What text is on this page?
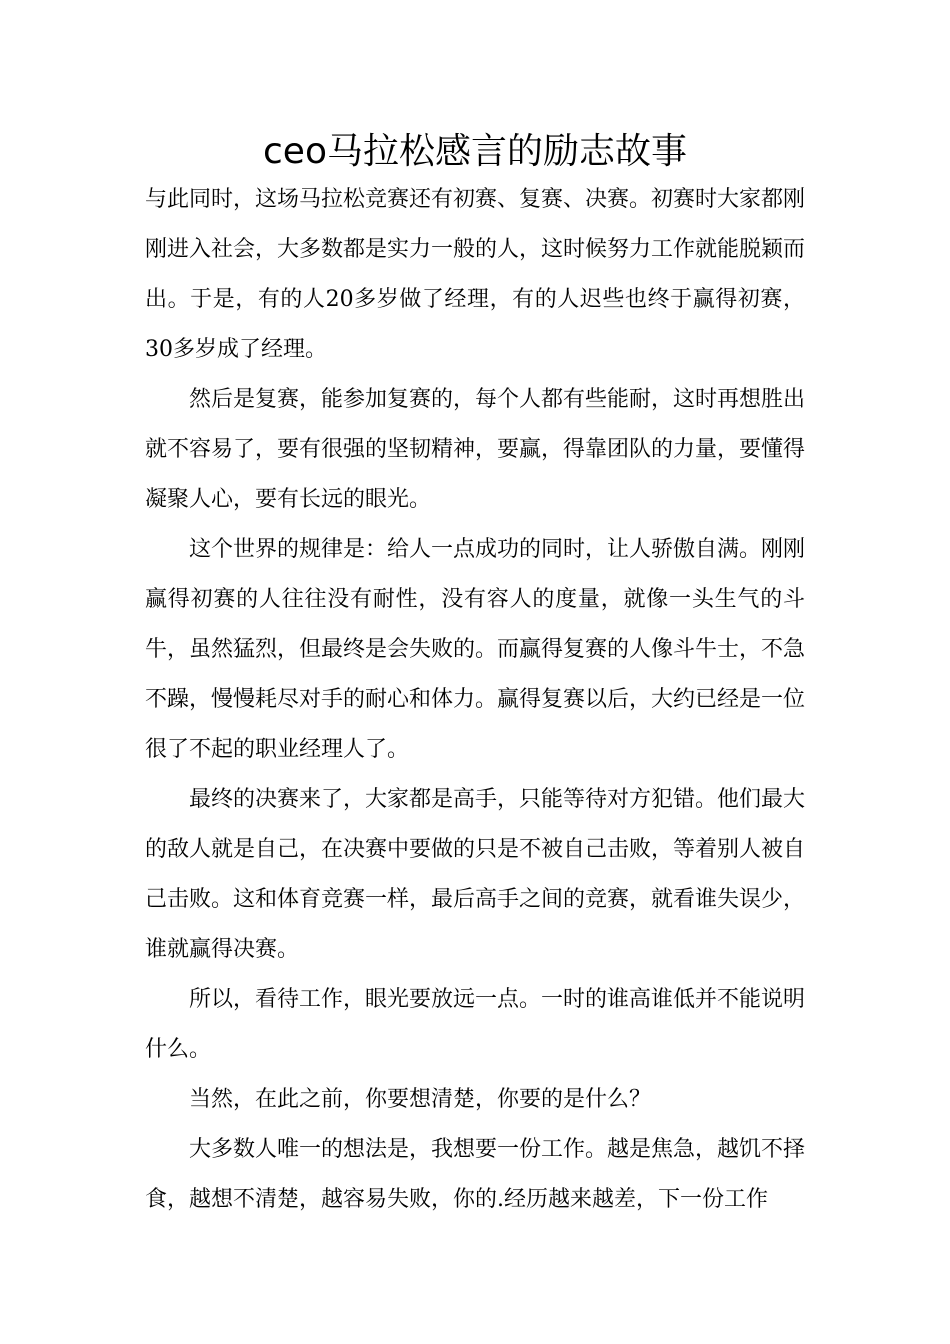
ceo马拉松感言的励志故事

与此同时，这场马拉松竞赛还有初赛、复赛、决赛。初赛时大家都刚刚进入社会，大多数都是实力一般的人，这时候努力工作就能脱颖而出。于是，有的人20多岁做了经理，有的人迟些也终于赢得初赛，30多岁成了经理。

然后是复赛，能参加复赛的，每个人都有些能耐，这时再想胜出就不容易了，要有很强的坚韧精神，要赢，得靠团队的力量，要懂得凝聚人心，要有长远的眼光。

这个世界的规律是：给人一点成功的同时，让人骄傲自满。刚刚赢得初赛的人往往没有耐性，没有容人的度量，就像一头生气的斗牛，虽然猛烈，但最终是会失败的。而赢得复赛的人像斗牛士，不急不躁，慢慢耗尽对手的耐心和体力。赢得复赛以后，大约已经是一位很了不起的职业经理人了。

最终的决赛来了，大家都是高手，只能等待对方犯错。他们最大的敌人就是自己，在决赛中要做的只是不被自己击败，等着别人被自己击败。这和体育竞赛一样，最后高手之间的竞赛，就看谁失误少，谁就赢得决赛。

所以，看待工作，眼光要放远一点。一时的谁高谁低并不能说明什么。

当然，在此之前，你要想清楚，你要的是什么？

大多数人唯一的想法是，我想要一份工作。越是焦急，越饥不择食，越想不清楚，越容易失败，你的.经历越来越差，下一份工作
